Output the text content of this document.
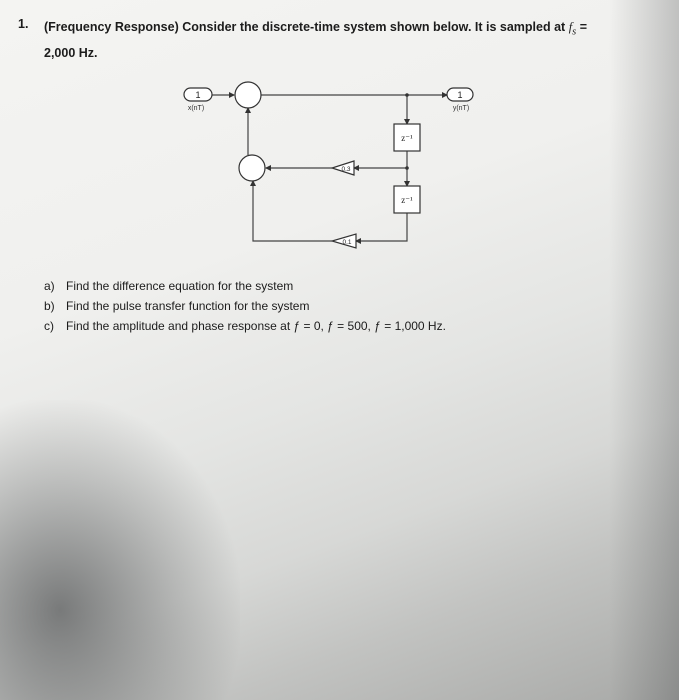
1. (Frequency Response) Consider the discrete-time system shown below. It is sampled at $f_s$ =
2,000 Hz.
1
x(nT)
1
y(nT)
z⁻¹
z⁻¹
0.3
0.1
a) Find the difference equation for the system
b) Find the pulse transfer function for the system
c) Find the amplitude and phase response at ƒ = 0, ƒ = 500, ƒ = 1,000 Hz.
